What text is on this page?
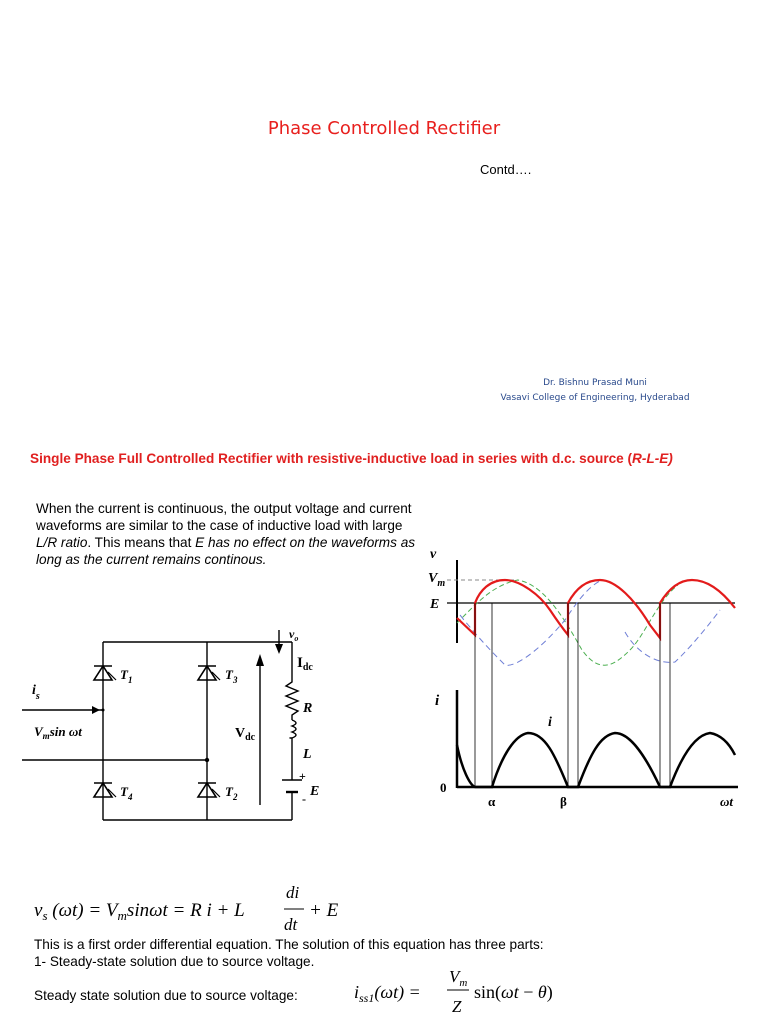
Phase Controlled Rectifier
Contd….
Dr. Bishnu Prasad Muni
Vasavi College of Engineering, Hyderabad
Single Phase Full Controlled Rectifier with resistive-inductive load in series with d.c. source (R-L-E)
When the current is continuous, the output voltage and current waveforms are similar to the case of inductive load with large L/R ratio. This means that E has no effect on the waveforms as long as the current remains continous.
$i_s$
$V_m\sin$ ωt
$T_1$	$T_3$
$T_4$	$T_2$
$v_o$
$I_{dc}$
$V_{dc}$
R
L
+
E
-
v
$V_m$
E
i
i
0
α	β	ωt
$v_s$ $(\omega t) = V_m\sin\omega t = R$ i + L
di
dt
+ E
This is a first order differential equation. The solution of this equation has three parts:
1- Steady-state solution due to source voltage.
Steady state solution due to source voltage:	$i_{ss1}(\omega t)$ =
$V_m$
Z
sin(ωt − θ)
